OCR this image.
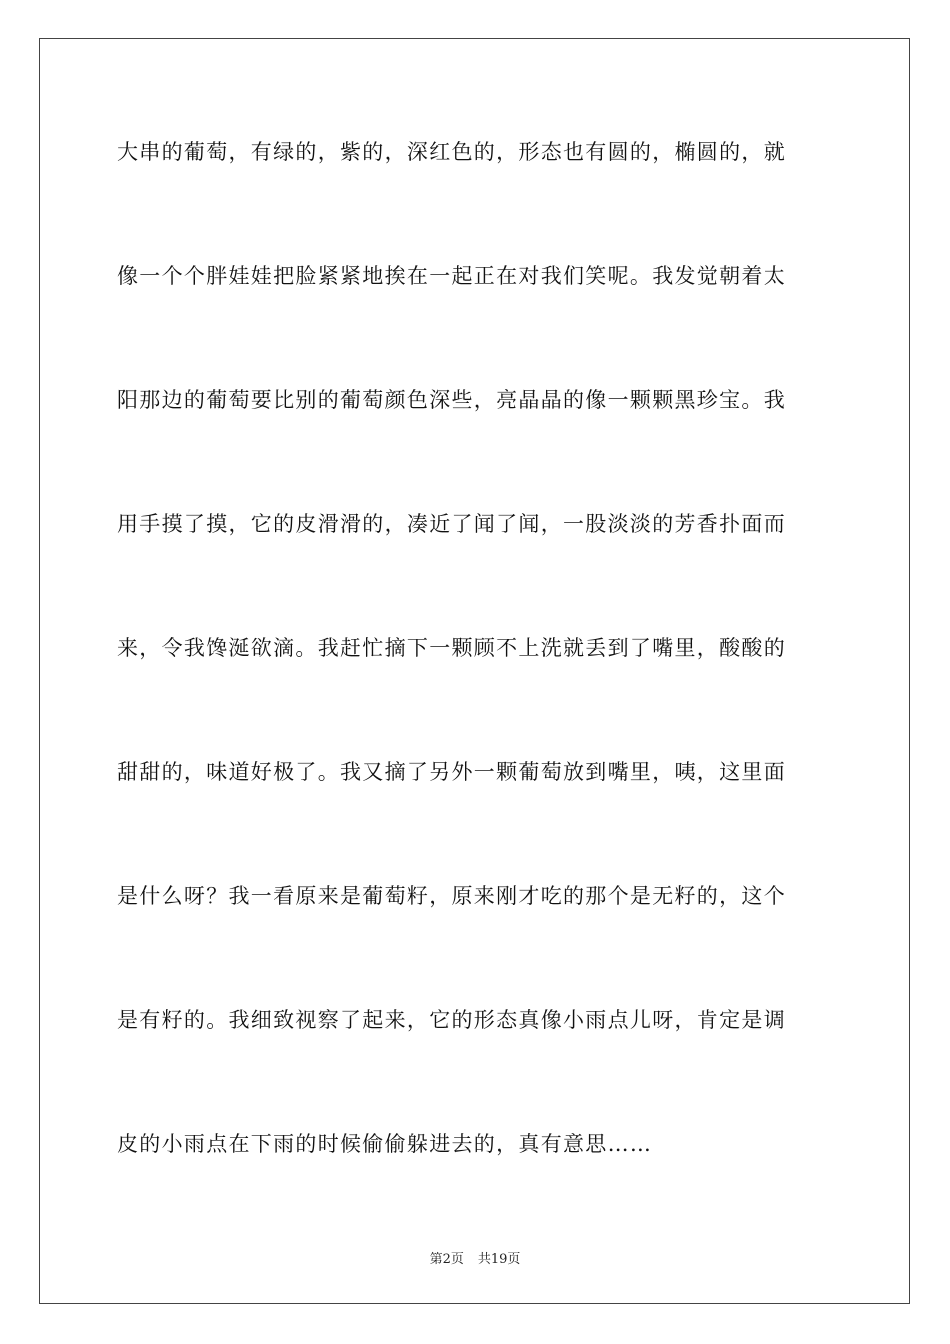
大串的葡萄，有绿的，紫的，深红色的，形态也有圆的，椭圆的，就
像一个个胖娃娃把脸紧紧地挨在一起正在对我们笑呢。我发觉朝着太
阳那边的葡萄要比别的葡萄颜色深些，亮晶晶的像一颗颗黑珍宝。我
用手摸了摸，它的皮滑滑的，凑近了闻了闻，一股淡淡的芳香扑面而
来，令我馋涎欲滴。我赶忙摘下一颗顾不上洗就丢到了嘴里，酸酸的
甜甜的，味道好极了。我又摘了另外一颗葡萄放到嘴里，咦，这里面
是什么呀？我一看原来是葡萄籽，原来刚才吃的那个是无籽的，这个
是有籽的。我细致视察了起来，它的形态真像小雨点儿呀，肯定是调
皮的小雨点在下雨的时候偷偷躲进去的，真有意思……
第2页 共19页
